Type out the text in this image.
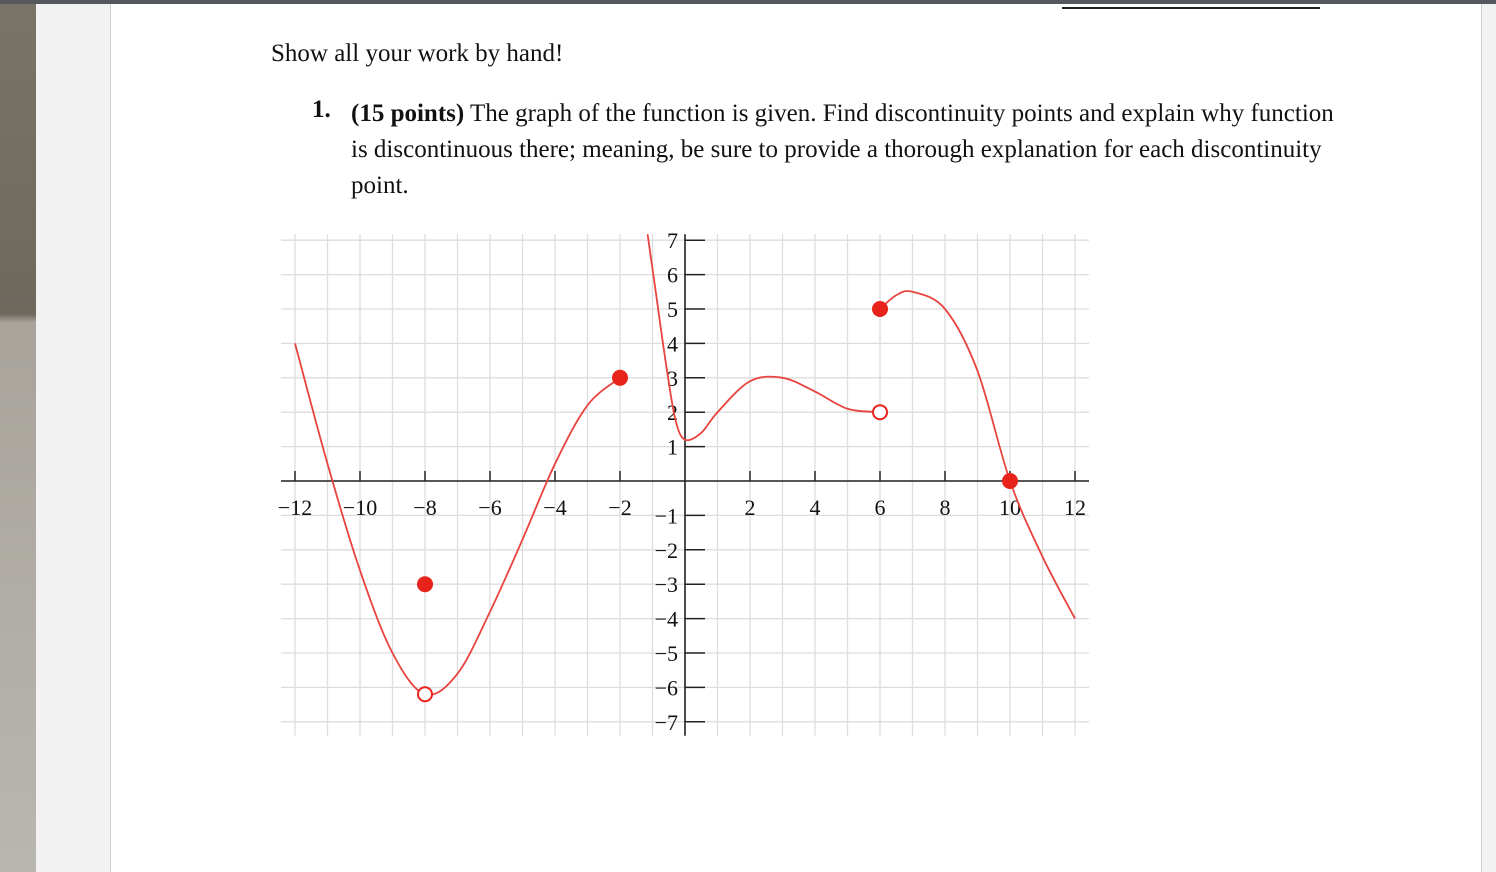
Show all your work by hand!

1. (15 points) The graph of the function is given. Find discontinuity points and explain why function is discontinuous there; meaning, be sure to provide a thorough explanation for each discontinuity point.

−12 −10 −8 −6 −4 −2	2 4 6 8 10 12
−7
−6
−5
−4
−3
−2
−1
1
2
3
4
5
6
7
